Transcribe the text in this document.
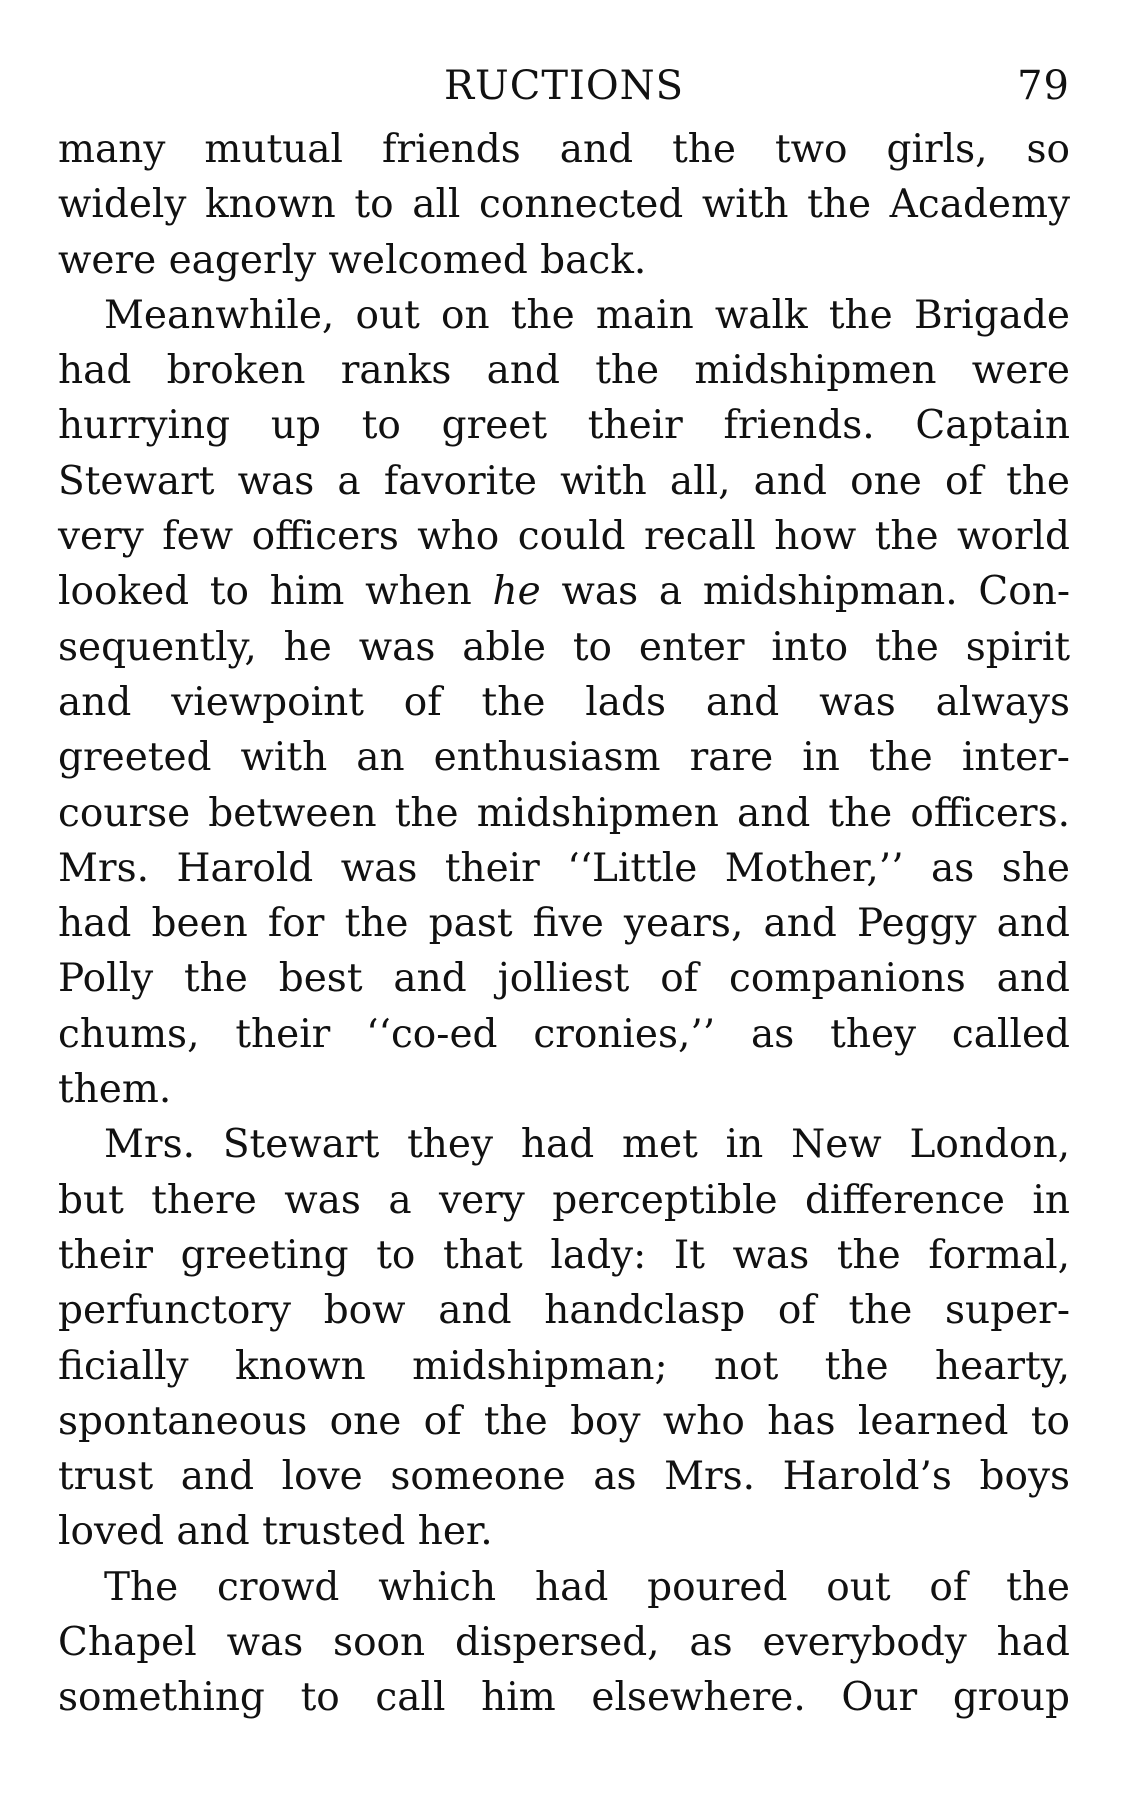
RUCTIONS	79
many mutual friends and the two girls, so
widely known to all connected with the Academy
were eagerly welcomed back.
Meanwhile, out on the main walk the Brigade
had broken ranks and the midshipmen were
hurrying up to greet their friends. Captain
Stewart was a favorite with all, and one of the
very few officers who could recall how the world
looked to him when he was a midshipman. Con-
sequently, he was able to enter into the spirit
and viewpoint of the lads and was always
greeted with an enthusiasm rare in the inter-
course between the midshipmen and the officers.
Mrs. Harold was their ‘‘Little Mother,’’ as she
had been for the past five years, and Peggy and
Polly the best and jolliest of companions and
chums, their ‘‘co-ed cronies,’’ as they called
them.
Mrs. Stewart they had met in New London,
but there was a very perceptible difference in
their greeting to that lady: It was the formal,
perfunctory bow and handclasp of the super-
ficially known midshipman; not the hearty,
spontaneous one of the boy who has learned to
trust and love someone as Mrs. Harold’s boys
loved and trusted her.
The crowd which had poured out of the
Chapel was soon dispersed, as everybody had
something to call him elsewhere. Our group
